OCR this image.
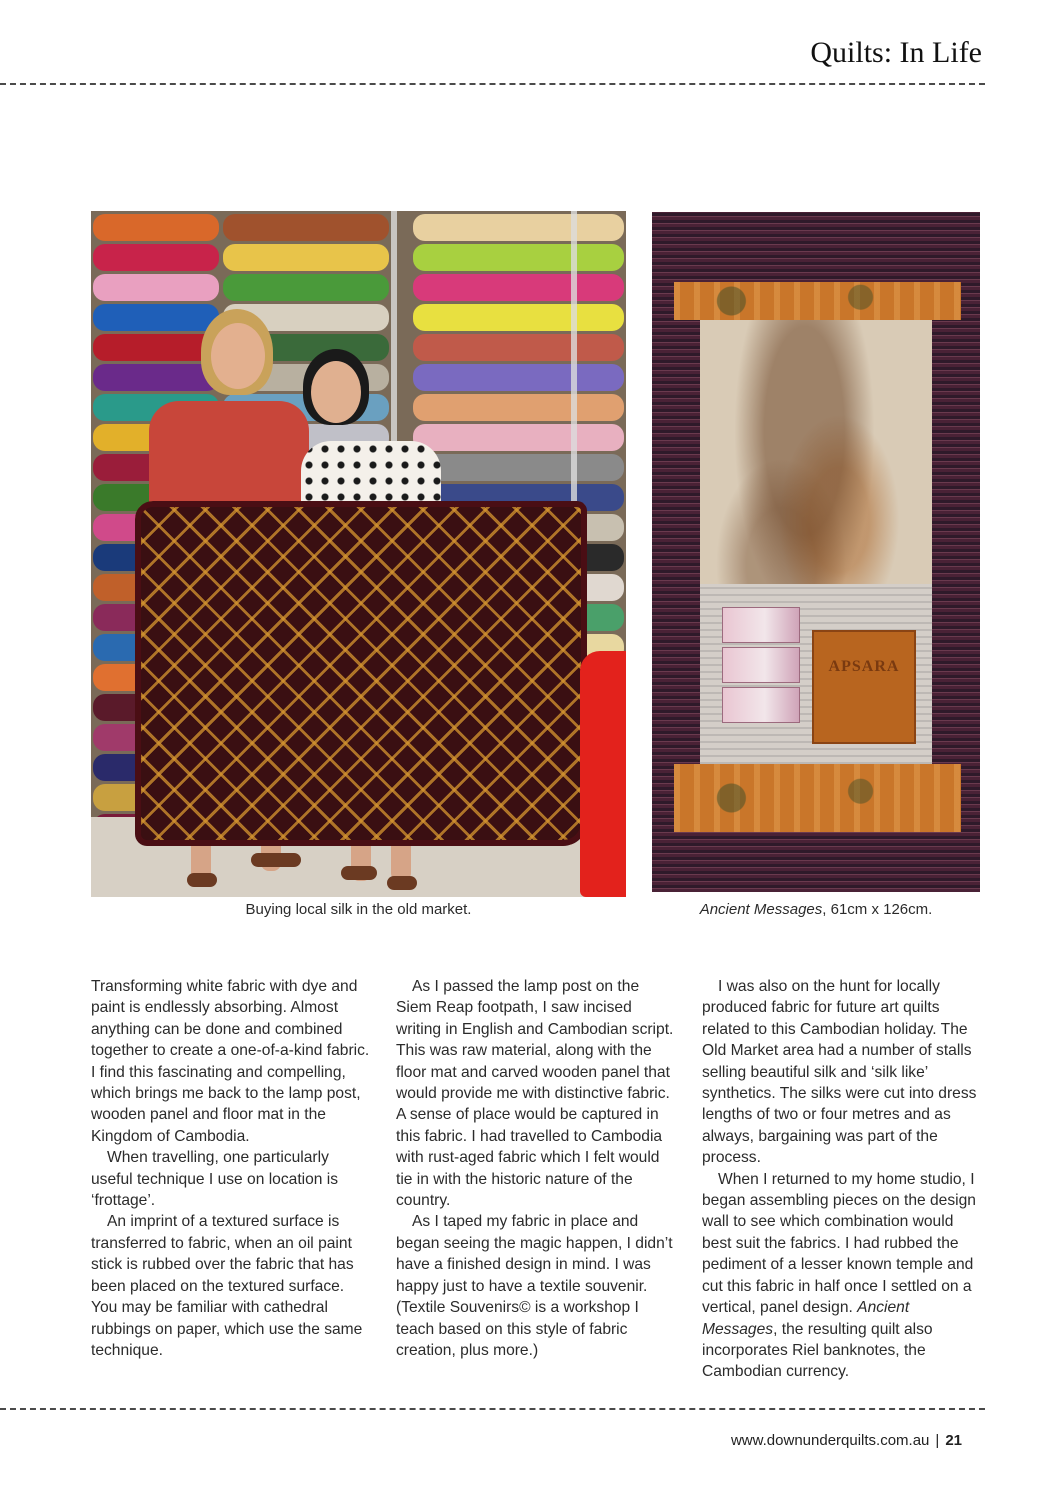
Quilts: In Life
APSARA

Buying local silk in the old market.	Ancient Messages, 61cm x 126cm.

Transforming white fabric with dye and paint is endlessly absorbing. Almost anything can be done and combined together to create a one-of-a-kind fabric. I find this fascinating and compelling, which brings me back to the lamp post, wooden panel and floor mat in the Kingdom of Cambodia.

When travelling, one particularly useful technique I use on location is ‘frottage’.

An imprint of a textured surface is transferred to fabric, when an oil paint stick is rubbed over the fabric that has been placed on the textured surface. You may be familiar with cathedral rubbings on paper, which use the same technique.

As I passed the lamp post on the Siem Reap footpath, I saw incised writing in English and Cambodian script. This was raw material, along with the floor mat and carved wooden panel that would provide me with distinctive fabric. A sense of place would be captured in this fabric. I had travelled to Cambodia with rust-aged fabric which I felt would tie in with the historic nature of the country.

As I taped my fabric in place and began seeing the magic happen, I didn’t have a finished design in mind. I was happy just to have a textile souvenir. (Textile Souvenirs© is a workshop I teach based on this style of fabric creation, plus more.)

I was also on the hunt for locally produced fabric for future art quilts related to this Cambodian holiday. The Old Market area had a number of stalls selling beautiful silk and ‘silk like’ synthetics. The silks were cut into dress lengths of two or four metres and as always, bargaining was part of the process.

When I returned to my home studio, I began assembling pieces on the design wall to see which combination would best suit the fabrics. I had rubbed the pediment of a lesser known temple and cut this fabric in half once I settled on a vertical, panel design. Ancient Messages, the resulting quilt also incorporates Riel banknotes, the Cambodian currency.

www.downunderquilts.com.au | 21
